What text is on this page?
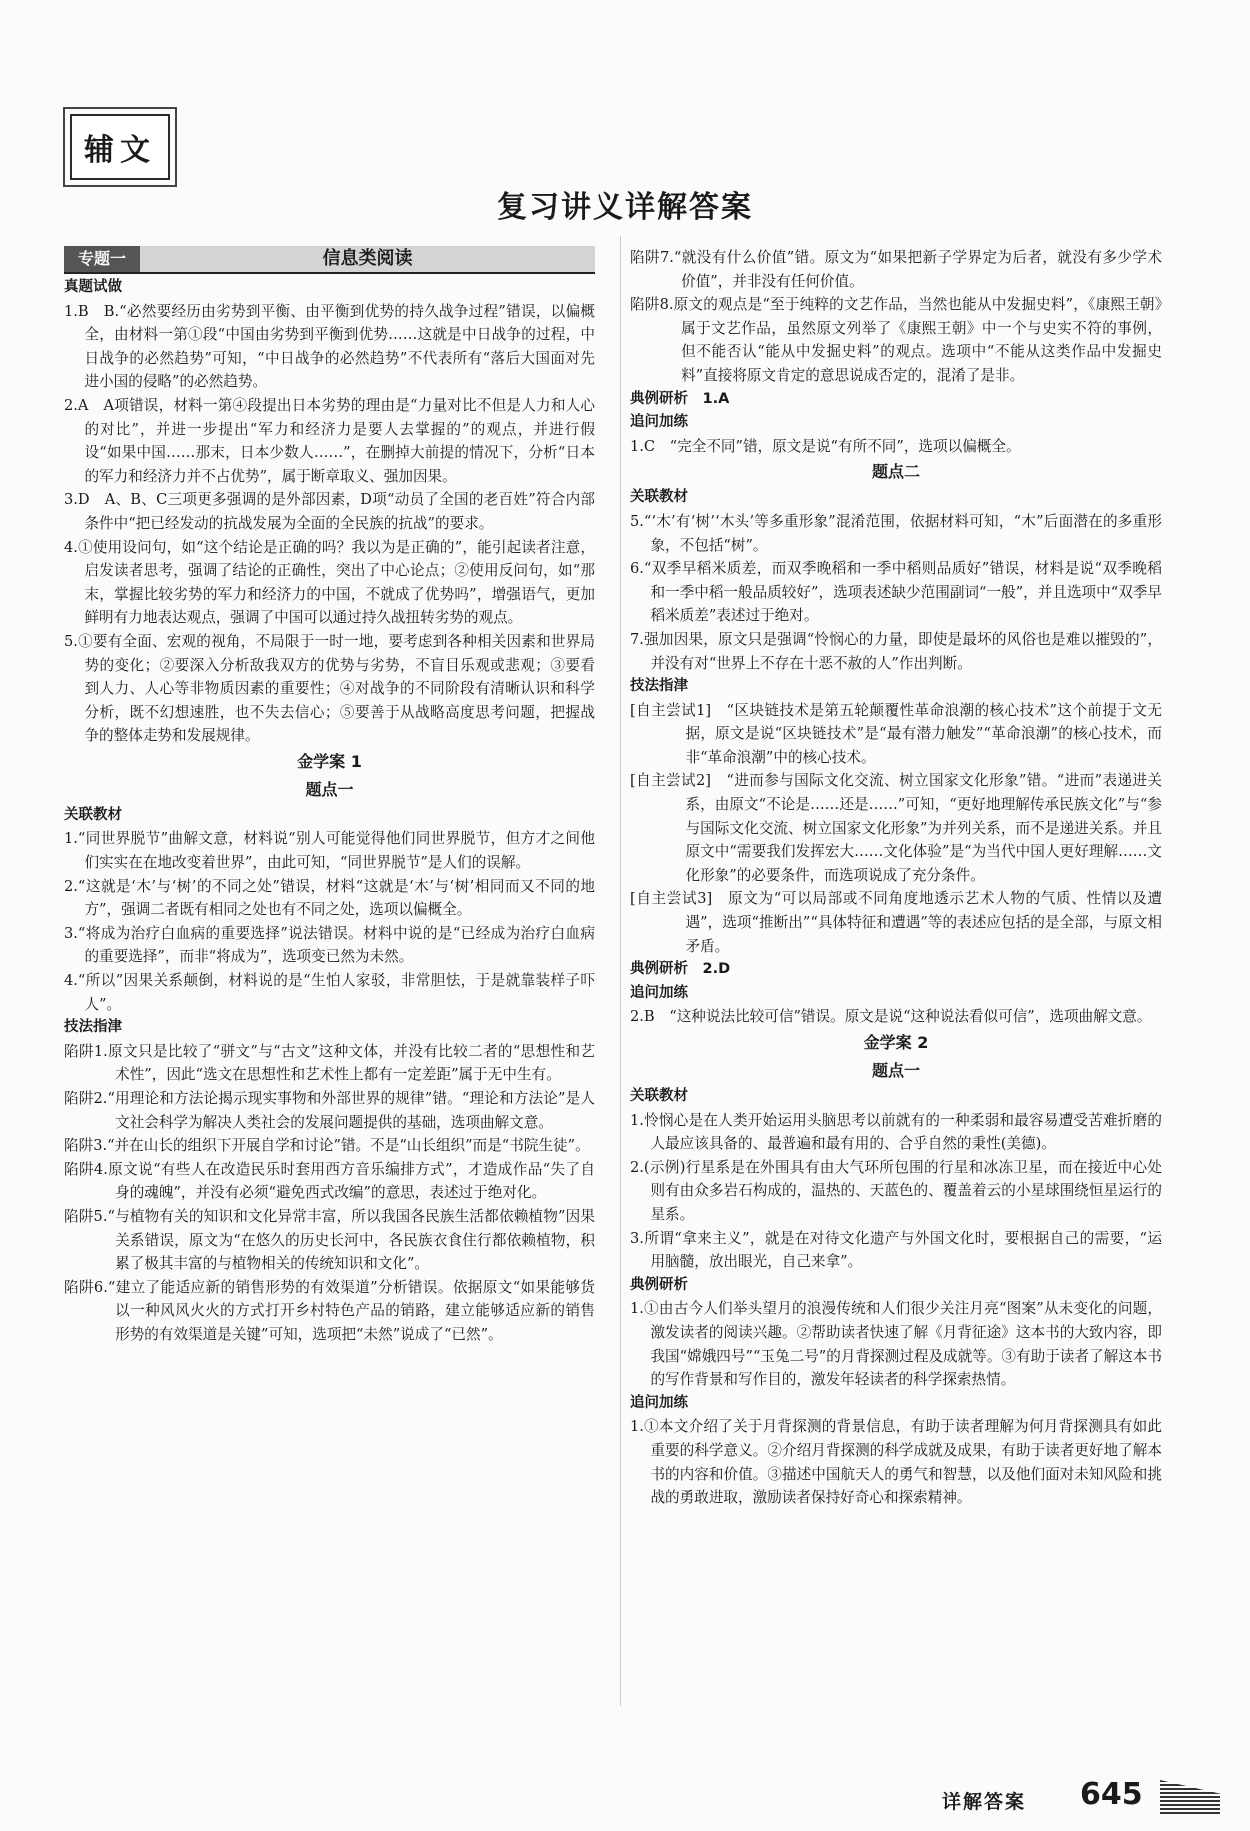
辅文
复习讲义详解答案
专题一	信息类阅读
真题试做
1.B　B.“必然要经历由劣势到平衡、由平衡到优势的持久战争过程”错误，以偏概全，由材料一第①段“中国由劣势到平衡到优势……这就是中日战争的过程，中日战争的必然趋势”可知，“中日战争的必然趋势”不代表所有“落后大国面对先进小国的侵略”的必然趋势。
2.A　A项错误，材料一第④段提出日本劣势的理由是“力量对比不但是人力和人心的对比”，并进一步提出“军力和经济力是要人去掌握的”的观点，并进行假设“如果中国……那末，日本少数人……”，在删掉大前提的情况下，分析“日本的军力和经济力并不占优势”，属于断章取义、强加因果。
3.D　A、B、C三项更多强调的是外部因素，D项“动员了全国的老百姓”符合内部条件中“把已经发动的抗战发展为全面的全民族的抗战”的要求。
4.①使用设问句，如“这个结论是正确的吗？我以为是正确的”，能引起读者注意，启发读者思考，强调了结论的正确性，突出了中心论点；②使用反问句，如“那末，掌握比较劣势的军力和经济力的中国，不就成了优势吗”，增强语气，更加鲜明有力地表达观点，强调了中国可以通过持久战扭转劣势的观点。
5.①要有全面、宏观的视角，不局限于一时一地，要考虑到各种相关因素和世界局势的变化；②要深入分析敌我双方的优势与劣势，不盲目乐观或悲观；③要看到人力、人心等非物质因素的重要性；④对战争的不同阶段有清晰认识和科学分析，既不幻想速胜，也不失去信心；⑤要善于从战略高度思考问题，把握战争的整体走势和发展规律。
金学案 1
题点一
关联教材
1.“同世界脱节”曲解文意，材料说“别人可能觉得他们同世界脱节，但方才之间他们实实在在地改变着世界”，由此可知，“同世界脱节”是人们的误解。
2.“这就是‘木’与‘树’的不同之处”错误，材料“这就是‘木’与‘树’相同而又不同的地方”，强调二者既有相同之处也有不同之处，选项以偏概全。
3.“将成为治疗白血病的重要选择”说法错误。材料中说的是“已经成为治疗白血病的重要选择”，而非“将成为”，选项变已然为未然。
4.“所以”因果关系颠倒，材料说的是“生怕人家驳，非常胆怯，于是就靠装样子吓人”。
技法指津
陷阱1.原文只是比较了“骈文”与“古文”这种文体，并没有比较二者的“思想性和艺术性”，因此“选文在思想性和艺术性上都有一定差距”属于无中生有。
陷阱2.“用理论和方法论揭示现实事物和外部世界的规律”错。“理论和方法论”是人文社会科学为解决人类社会的发展问题提供的基础，选项曲解文意。
陷阱3.“并在山长的组织下开展自学和讨论”错。不是“山长组织”而是“书院生徒”。
陷阱4.原文说“有些人在改造民乐时套用西方音乐编排方式”，才造成作品“失了自身的魂魄”，并没有必须“避免西式改编”的意思，表述过于绝对化。
陷阱5.“与植物有关的知识和文化异常丰富，所以我国各民族生活都依赖植物”因果关系错误，原文为“在悠久的历史长河中，各民族衣食住行都依赖植物，积累了极其丰富的与植物相关的传统知识和文化”。
陷阱6.“建立了能适应新的销售形势的有效渠道”分析错误。依据原文“如果能够货以一种风风火火的方式打开乡村特色产品的销路，建立能够适应新的销售形势的有效渠道是关键”可知，选项把“未然”说成了“已然”。
陷阱7.“就没有什么价值”错。原文为“如果把新子学界定为后者，就没有多少学术价值”，并非没有任何价值。
陷阱8.原文的观点是“至于纯粹的文艺作品，当然也能从中发掘史料”，《康熙王朝》属于文艺作品，虽然原文列举了《康熙王朝》中一个与史实不符的事例，但不能否认“能从中发掘史料”的观点。选项中“不能从这类作品中发掘史料”直接将原文肯定的意思说成否定的，混淆了是非。
典例研析　1.A
追问加练
1.C　“完全不同”错，原文是说“有所不同”，选项以偏概全。
题点二
关联教材
5.“‘木’有‘树’‘木头’等多重形象”混淆范围，依据材料可知，“木”后面潜在的多重形象，不包括“树”。
6.“双季早稻米质差，而双季晚稻和一季中稻则品质好”错误，材料是说“双季晚稻和一季中稻一般品质较好”，选项表述缺少范围副词“一般”，并且选项中“双季早稻米质差”表述过于绝对。
7.强加因果，原文只是强调“怜悯心的力量，即使是最坏的风俗也是难以摧毁的”，并没有对“世界上不存在十恶不赦的人”作出判断。
技法指津
[自主尝试1]　“区块链技术是第五轮颠覆性革命浪潮的核心技术”这个前提于文无据，原文是说“区块链技术”是“最有潜力触发”“革命浪潮”的核心技术，而非“革命浪潮”中的核心技术。
[自主尝试2]　“进而参与国际文化交流、树立国家文化形象”错。“进而”表递进关系，由原文“不论是……还是……”可知，“更好地理解传承民族文化”与“参与国际文化交流、树立国家文化形象”为并列关系，而不是递进关系。并且原文中“需要我们发挥宏大……文化体验”是“为当代中国人更好理解……文化形象”的必要条件，而选项说成了充分条件。
[自主尝试3]　原文为“可以局部或不同角度地透示艺术人物的气质、性情以及遭遇”，选项“推断出”“具体特征和遭遇”等的表述应包括的是全部，与原文相矛盾。
典例研析　2.D
追问加练
2.B　“这种说法比较可信”错误。原文是说“这种说法看似可信”，选项曲解文意。
金学案 2
题点一
关联教材
1.怜悯心是在人类开始运用头脑思考以前就有的一种柔弱和最容易遭受苦难折磨的人最应该具备的、最普遍和最有用的、合乎自然的秉性(美德)。
2.(示例)行星系是在外围具有由大气环所包围的行星和冰冻卫星，而在接近中心处则有由众多岩石构成的，温热的、天蓝色的、覆盖着云的小星球围绕恒星运行的星系。
3.所谓“拿来主义”，就是在对待文化遗产与外国文化时，要根据自己的需要，“运用脑髓，放出眼光，自己来拿”。
典例研析
1.①由古今人们举头望月的浪漫传统和人们很少关注月亮“图案”从未变化的问题，激发读者的阅读兴趣。②帮助读者快速了解《月背征途》这本书的大致内容，即我国“嫦娥四号”“玉兔二号”的月背探测过程及成就等。③有助于读者了解这本书的写作背景和写作目的，激发年轻读者的科学探索热情。
追问加练
1.①本文介绍了关于月背探测的背景信息，有助于读者理解为何月背探测具有如此重要的科学意义。②介绍月背探测的科学成就及成果，有助于读者更好地了解本书的内容和价值。③描述中国航天人的勇气和智慧，以及他们面对未知风险和挑战的勇敢进取，激励读者保持好奇心和探索精神。
详解答案 645
